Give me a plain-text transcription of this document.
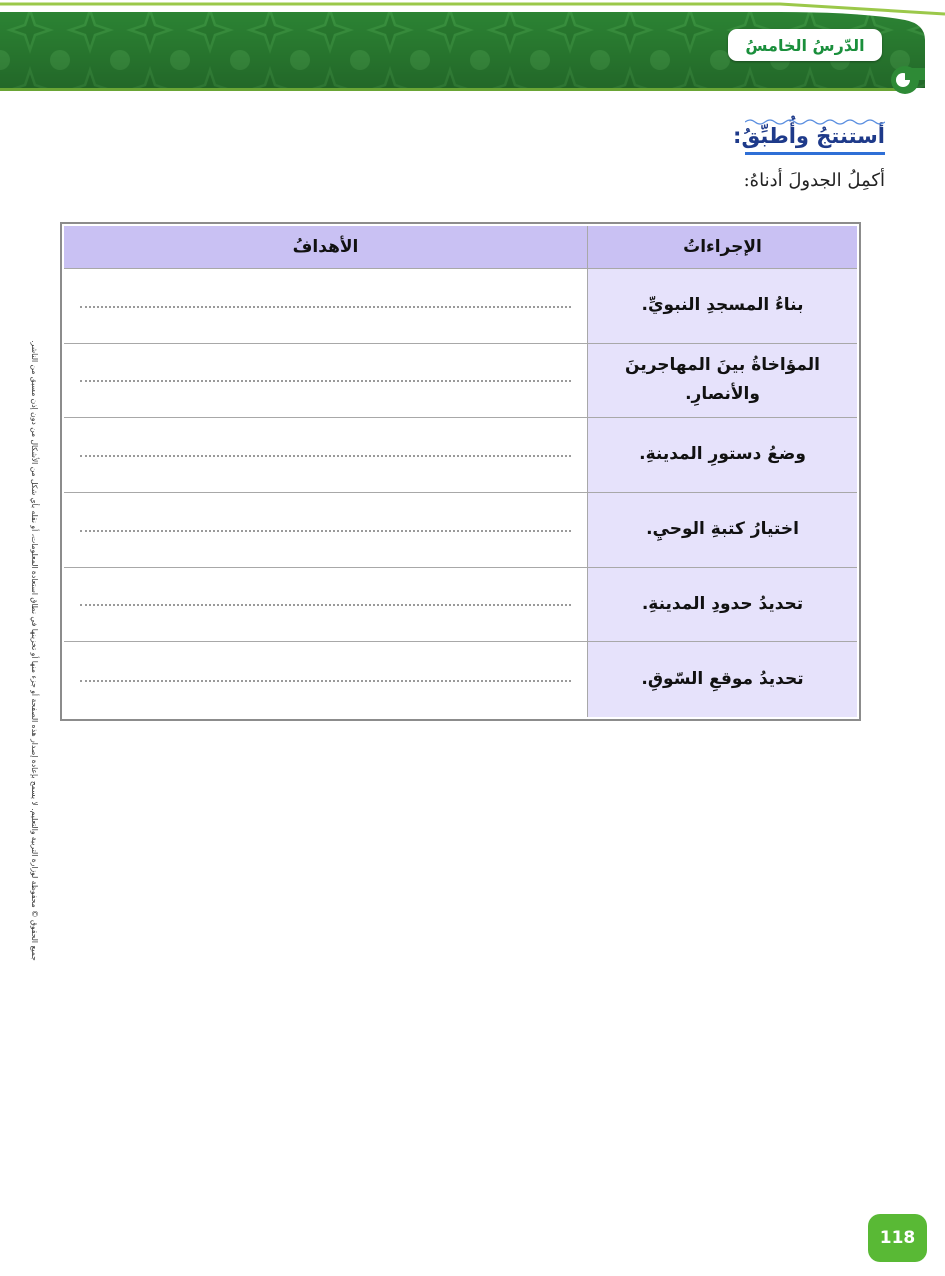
الدّرسُ الخامسُ
أستنتجُ وأُطبِّقُ:
أكمِلُ الجدولَ أدناهُ:
الإجراءاتُ
الأهدافُ
بناءُ المسجدِ النبويِّ.
المؤاخاةُ بينَ المهاجرينَ والأنصارِ.
وضعُ دستورِ المدينةِ.
اختيارُ كتبةِ الوحيِ.
تحديدُ حدودِ المدينةِ.
تحديدُ موقعِ السّوقِ.
جميع الحقوق © محفوظة لوزارة التربية والتعليم. لا يسمح بإعادة إصدار هذه الصفحة أو جزء منها أو تخزينها في نطاق استعادة المعلومات، أو نقله بأي شكل من الأشكال من دون إذن مسبق من الناشر.
118
